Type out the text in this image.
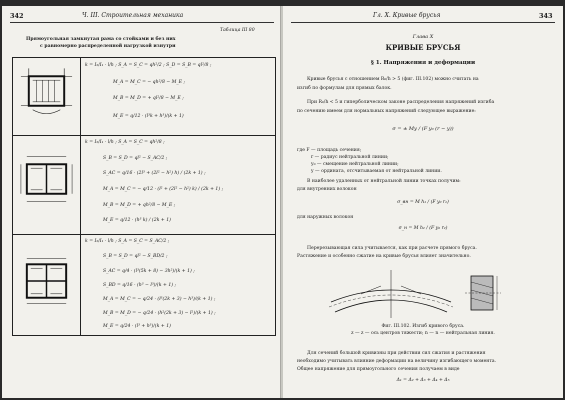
342	Ч. III. Строительная механика
Таблица III 80
Прямоугольная замкнутая рама со стойками и без них
с равномерно распределенной нагрузкой изнутри
k = I₂/I₁ · l/h ; S_A = S_C = qh²/2 ; S_D = S_B = ql²/8 ;
M_A = M_C = − qh²/8 − M_E ;
M_B = M_D = + ql²/8 − M_E ;
M_E = q/12 · (l³k + h³)/(k + 1)
k = I₂/I₁ · l/h ; S_A = S_C = qh²/8 ;
S_B = S_D = ql² − S_AC/2 ;
S_AC = q/16 · (2l³ + (2l² − h²) h) / (2k + 1) ;
M_A = M_C = − q/12 · (l² + (2l² − h²) k) / (2k + 1) ;
M_B = M_D = + qh²/8 − M_E ;
M_E = q/12 · (h³ k) / (2k + 1)
k = I₂/I₁ · l/h ; S_A = S_C = S_AC/2 ;
S_B = S_D = ql² − S_BD/2 ;
S_AC = q/4 · (l³(5k + 8) − 3h²)/(k + 1) ;
S_BD = q/16 · (h³ − l³)/(k + 1) ;
M_A = M_C = − q/24 · (l³(2k + 3) − h³)/(k + 1) ;
M_B = M_D = − q/24 · (h²(2k + 3) − l²)/(k + 1) ;
M_E = q/24 · (l³ + h³)/(k + 1)
Гл. X. Кривые брусья	343
Глава X
КРИВЫЕ БРУСЬЯ
§ 1. Напряжения и деформации
Кривые брусья с отношением R₀/h > 5 (фиг. III.102) можно считать на
изгиб по формулам для прямых балок.
При R₀/h < 5 и гиперболическом законе распределения напряжений изгиба
по сечению имеем для нормальных напряжений следующее выражение:
σ = ± My / (F y₀ (r − y))
где F — площадь сечения;
r — радиус нейтральной линии;
y₀ — смещение нейтральной линии;
y — ордината, отсчитываемая от нейтральной линии.
В наиболее удаленных от нейтральной линии точках получим:
для внутренних волокон
σ_вн = M h₁ / (F y₀ r₁)
для наружных волокон
σ_н = M h₂ / (F y₀ r₂)
Перерезывающая сила учитывается, как при расчете прямого бруса.
Растяжение и особенно сжатие на кривые брусья влияет значительно.
Фиг. III.102. Изгиб кривого бруса.
z — z — ось центров тяжести; n — n — нейтральная линия.
Для сечений большой кривизны при действии сил сжатия и растяжения
необходимо учитывать влияние деформации на величину изгибающего момента.
Общее напряжение для прямоугольного сечения получаем в виде
Δ₁ = Δ₂ + Δ₃ + Δ₄ + Δ₅
